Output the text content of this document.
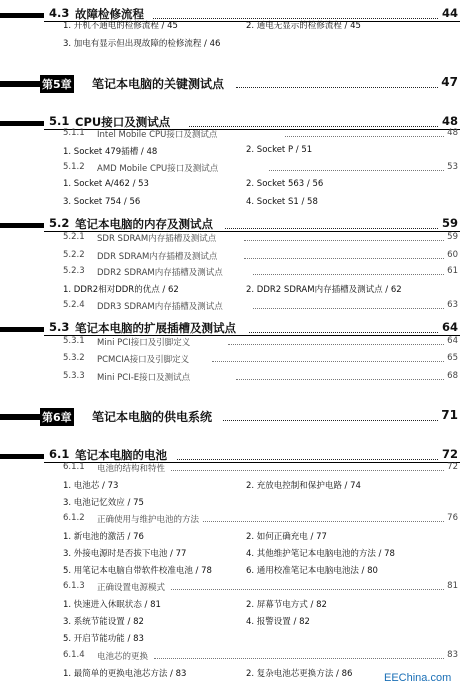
4.3 故障检修流程	44
1. 开机不通电的检修流程 / 45	2. 通电无显示的检修流程 / 45
3. 加电有显示但出现故障的检修流程 / 46
第5章 笔记本电脑的关键测试点	47
5.1 CPU接口及测试点	48
5.1.1 Intel Mobile CPU接口及测试点	48
1. Socket 479插槽 / 48	2. Socket P / 51
5.1.2 AMD Mobile CPU接口及测试点	53
1. Socket A/462 / 53	2. Socket 563 / 56
3. Socket 754 / 56	4. Socket S1 / 58
5.2 笔记本电脑的内存及测试点	59
5.2.1 SDR SDRAM内存插槽及测试点	59
5.2.2 DDR SDRAM内存插槽及测试点	60
5.2.3 DDR2 SDRAM内存插槽及测试点	61
1. DDR2相对DDR的优点 / 62	2. DDR2 SDRAM内存插槽及测试点 / 62
5.2.4 DDR3 SDRAM内存插槽及测试点	63
5.3 笔记本电脑的扩展插槽及测试点	64
5.3.1 Mini PCI接口及引脚定义	64
5.3.2 PCMCIA接口及引脚定义	65
5.3.3 Mini PCI-E接口及测试点	68
第6章 笔记本电脑的供电系统	71
6.1 笔记本电脑的电池	72
6.1.1 电池的结构和特性	72
1. 电池芯 / 73	2. 充放电控制和保护电路 / 74
3. 电池记忆效应 / 75
6.1.2 正确使用与维护电池的方法	76
1. 新电池的激活 / 76	2. 如何正确充电 / 77
3. 外接电源时是否拔下电池 / 77	4. 其他维护笔记本电脑电池的方法 / 78
5. 用笔记本电脑自带软件校准电池 / 78	6. 通用校准笔记本电脑电池法 / 80
6.1.3 正确设置电源模式	81
1. 快速进入休眠状态 / 81	2. 屏幕节电方式 / 82
3. 系统节能设置 / 82	4. 报警设置 / 82
5. 开启节能功能 / 83
6.1.4 电池芯的更换	83
1. 最简单的更换电池芯方法 / 83	2. 复杂电池芯更换方法 / 86	EEChina.com
